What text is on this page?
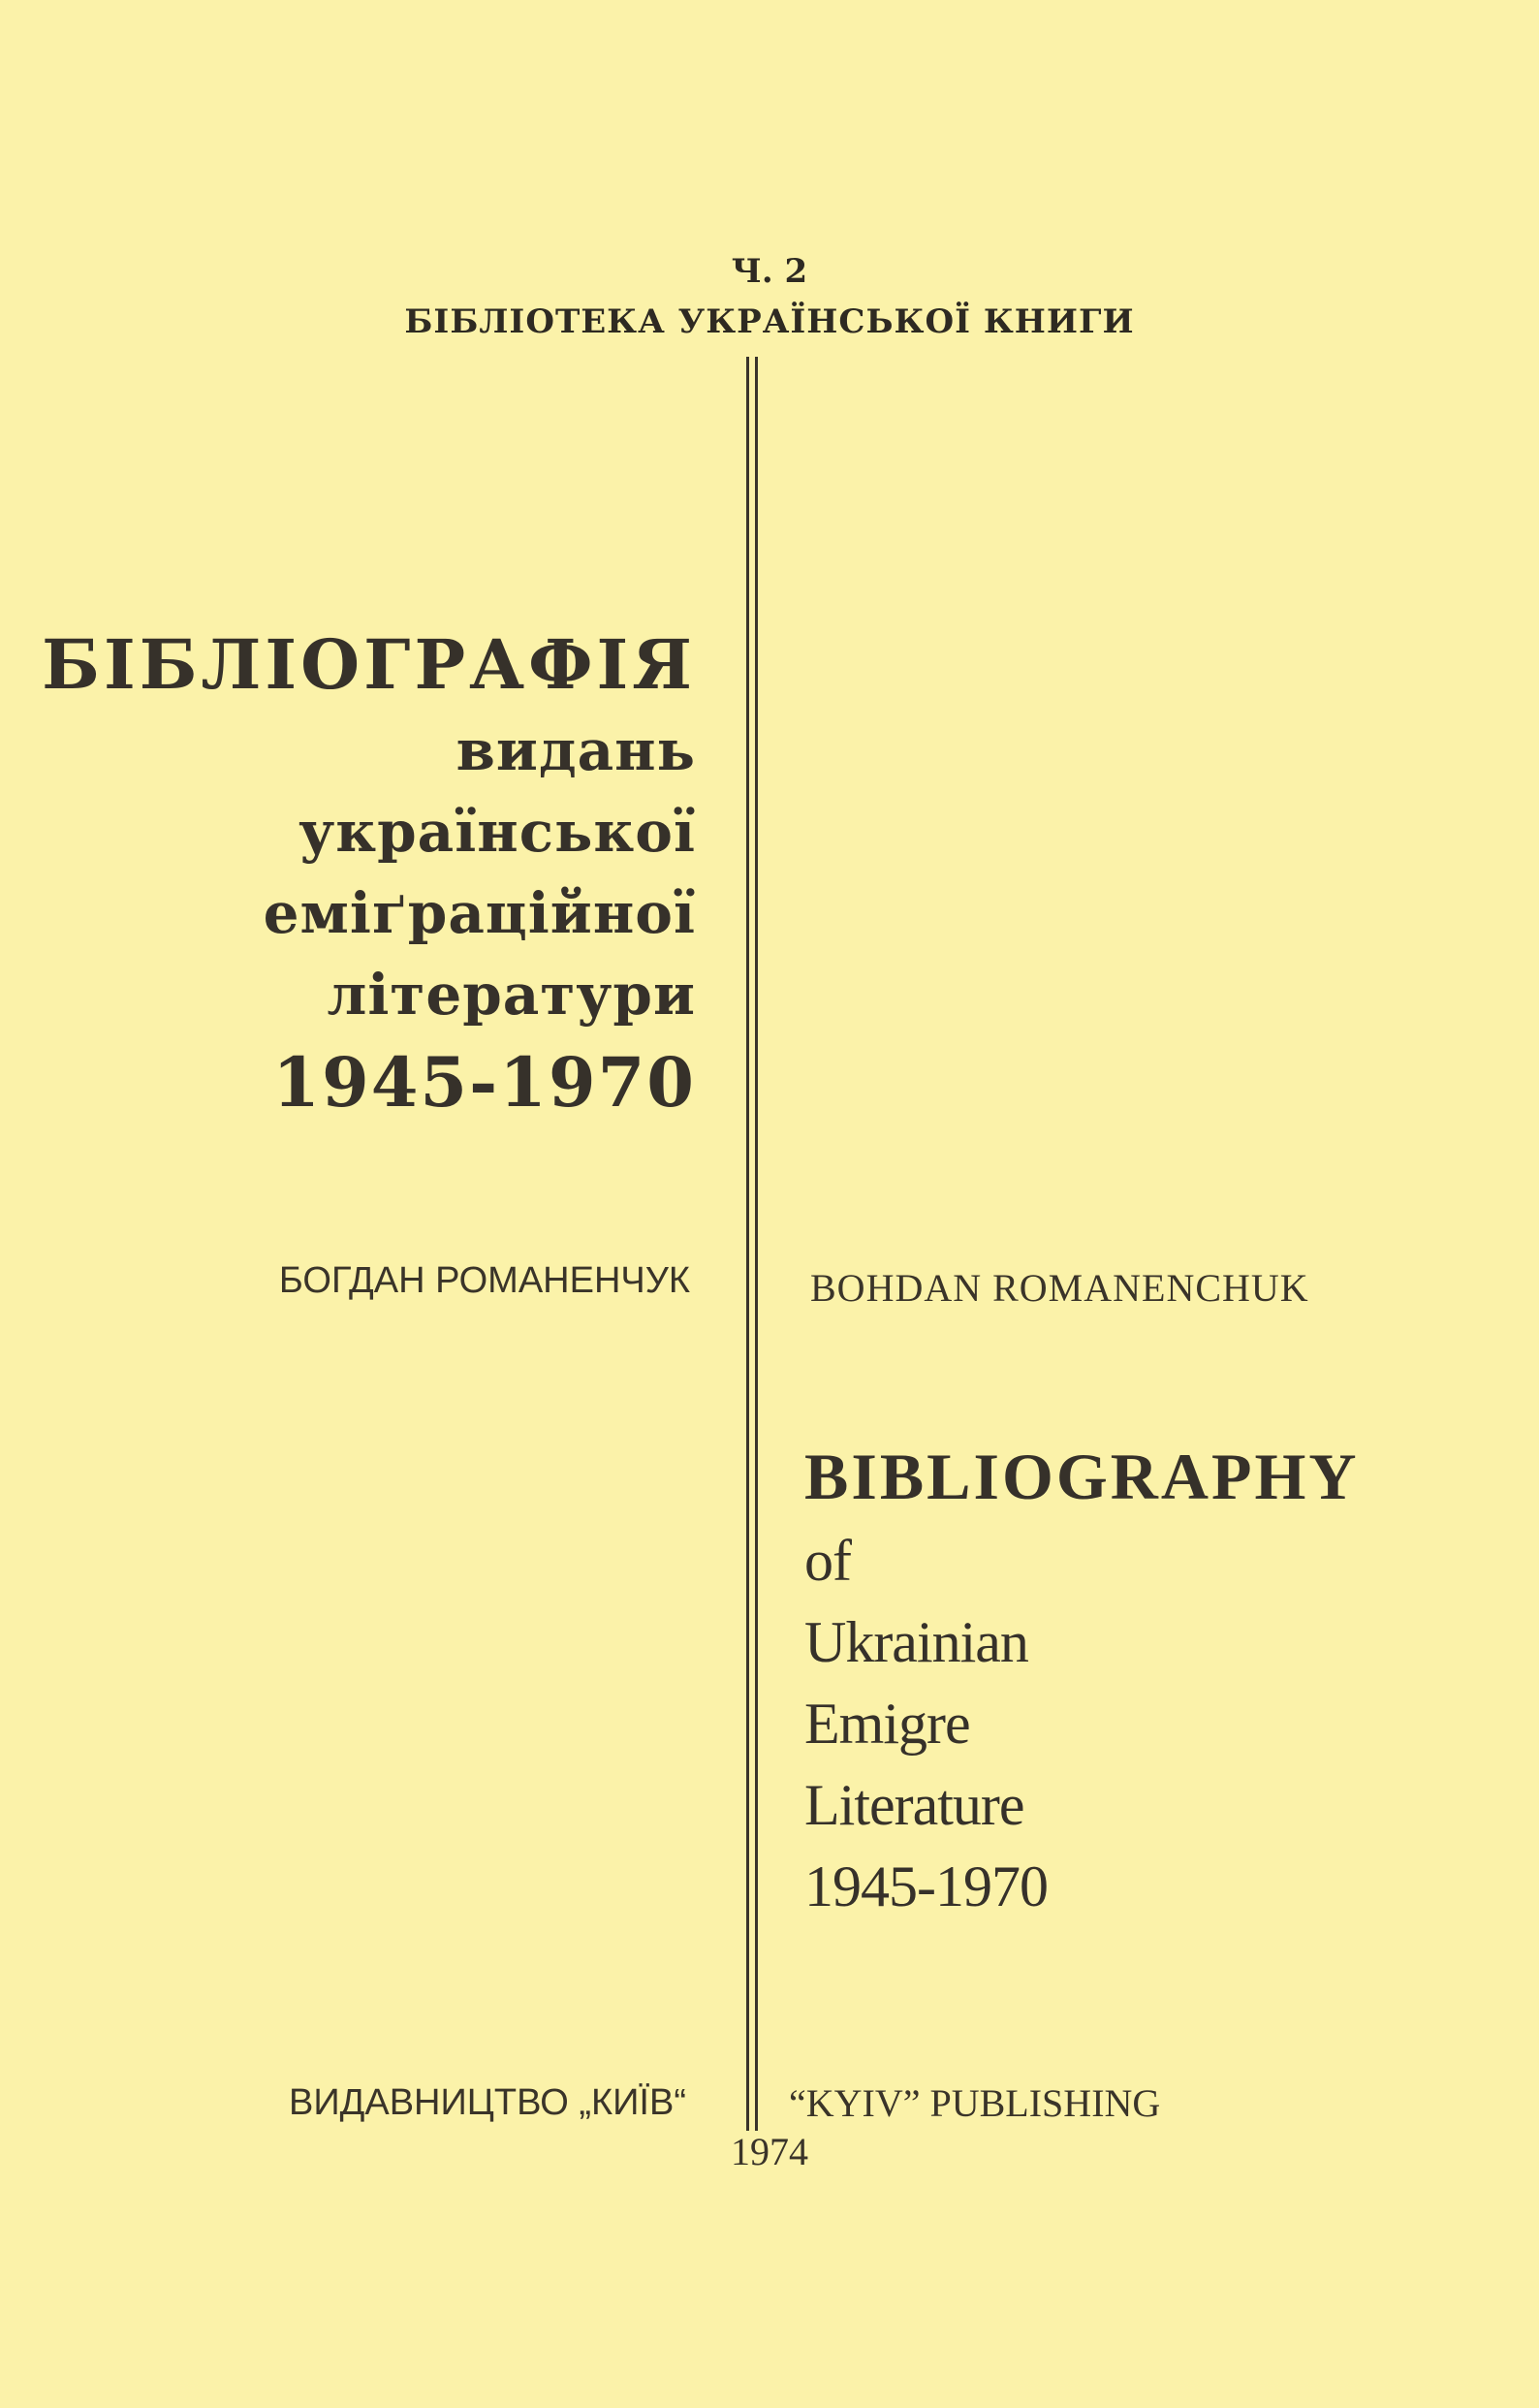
Ч. 2
БІБЛІОТЕКА УКРАЇНСЬКОЇ КНИГИ
БІБЛІОГРАФІЯ
видань
української
еміґраційної
літератури
1945-1970
БОГДАН РОМАНЕНЧУК	BOHDAN ROMANENCHUK
BIBLIOGRAPHY
of
Ukrainian
Emigre
Literature
1945-1970
ВИДАВНИЦТВО „КИЇВ“	“KYIV” PUBLISHING
1974
